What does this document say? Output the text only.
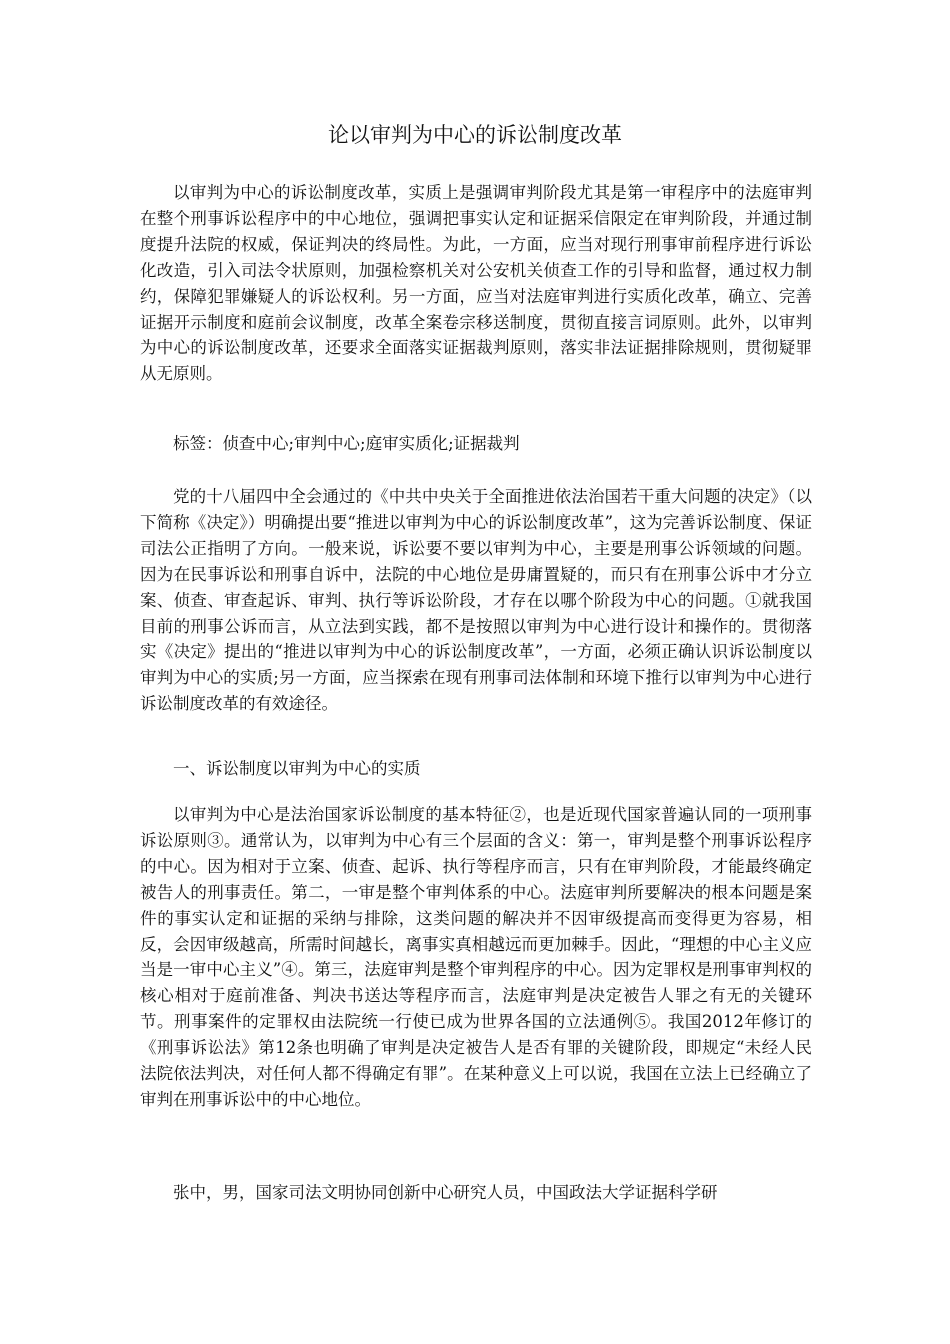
论以审判为中心的诉讼制度改革

以审判为中心的诉讼制度改革，实质上是强调审判阶段尤其是第一审程序中的法庭审判在整个刑事诉讼程序中的中心地位，强调把事实认定和证据采信限定在审判阶段，并通过制度提升法院的权威，保证判决的终局性。为此，一方面，应当对现行刑事审前程序进行诉讼化改造，引入司法令状原则，加强检察机关对公安机关侦查工作的引导和监督，通过权力制约，保障犯罪嫌疑人的诉讼权利。另一方面，应当对法庭审判进行实质化改革，确立、完善证据开示制度和庭前会议制度，改革全案卷宗移送制度，贯彻直接言词原则。此外，以审判为中心的诉讼制度改革，还要求全面落实证据裁判原则，落实非法证据排除规则，贯彻疑罪从无原则。

标签：侦查中心;审判中心;庭审实质化;证据裁判

党的十八届四中全会通过的《中共中央关于全面推进依法治国若干重大问题的决定》（以下简称《决定》）明确提出要“推进以审判为中心的诉讼制度改革”，这为完善诉讼制度、保证司法公正指明了方向。一般来说，诉讼要不要以审判为中心，主要是刑事公诉领域的问题。因为在民事诉讼和刑事自诉中，法院的中心地位是毋庸置疑的，而只有在刑事公诉中才分立案、侦查、审查起诉、审判、执行等诉讼阶段，才存在以哪个阶段为中心的问题。①就我国目前的刑事公诉而言，从立法到实践，都不是按照以审判为中心进行设计和操作的。贯彻落实《决定》提出的“推进以审判为中心的诉讼制度改革”，一方面，必须正确认识诉讼制度以审判为中心的实质;另一方面，应当探索在现有刑事司法体制和环境下推行以审判为中心进行诉讼制度改革的有效途径。

一、诉讼制度以审判为中心的实质

以审判为中心是法治国家诉讼制度的基本特征②，也是近现代国家普遍认同的一项刑事诉讼原则③。通常认为，以审判为中心有三个层面的含义：第一，审判是整个刑事诉讼程序的中心。因为相对于立案、侦查、起诉、执行等程序而言，只有在审判阶段，才能最终确定被告人的刑事责任。第二，一审是整个审判体系的中心。法庭审判所要解决的根本问题是案件的事实认定和证据的采纳与排除，这类问题的解决并不因审级提高而变得更为容易，相反，会因审级越高，所需时间越长，离事实真相越远而更加棘手。因此，“理想的中心主义应当是一审中心主义”④。第三，法庭审判是整个审判程序的中心。因为定罪权是刑事审判权的核心相对于庭前准备、判决书送达等程序而言，法庭审判是决定被告人罪之有无的关键环节。刑事案件的定罪权由法院统一行使已成为世界各国的立法通例⑤。我国2012年修订的《刑事诉讼法》第12条也明确了审判是决定被告人是否有罪的关键阶段，即规定“未经人民法院依法判决，对任何人都不得确定有罪”。在某种意义上可以说，我国在立法上已经确立了审判在刑事诉讼中的中心地位。

张中，男，国家司法文明协同创新中心研究人员，中国政法大学证据科学研
